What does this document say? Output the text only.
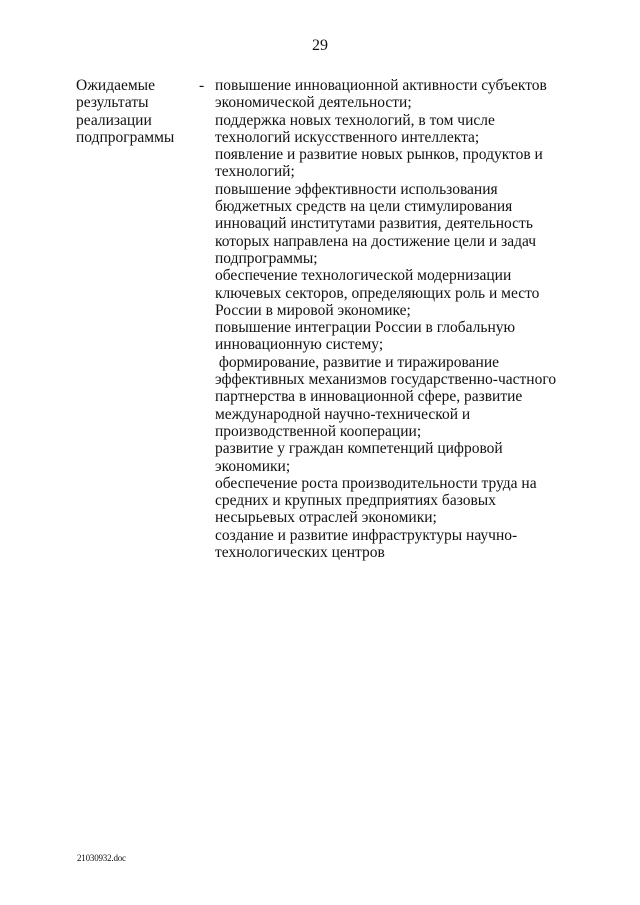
29
Ожидаемые
результаты
реализации
подпрограммы
- повышение инновационной активности субъектов
экономической деятельности;
поддержка новых технологий, в том числе
технологий искусственного интеллекта;
появление и развитие новых рынков, продуктов и
технологий;
повышение эффективности использования
бюджетных средств на цели стимулирования
инноваций институтами развития, деятельность
которых направлена на достижение цели и задач
подпрограммы;
обеспечение технологической модернизации
ключевых секторов, определяющих роль и место
России в мировой экономике;
повышение интеграции России в глобальную
инновационную систему;
формирование, развитие и тиражирование
эффективных механизмов государственно-частного
партнерства в инновационной сфере, развитие
международной научно-технической и
производственной кооперации;
развитие у граждан компетенций цифровой
экономики;
обеспечение роста производительности труда на
средних и крупных предприятиях базовых
несырьевых отраслей экономики;
создание и развитие инфраструктуры научно-
технологических центров
21030932.doc
